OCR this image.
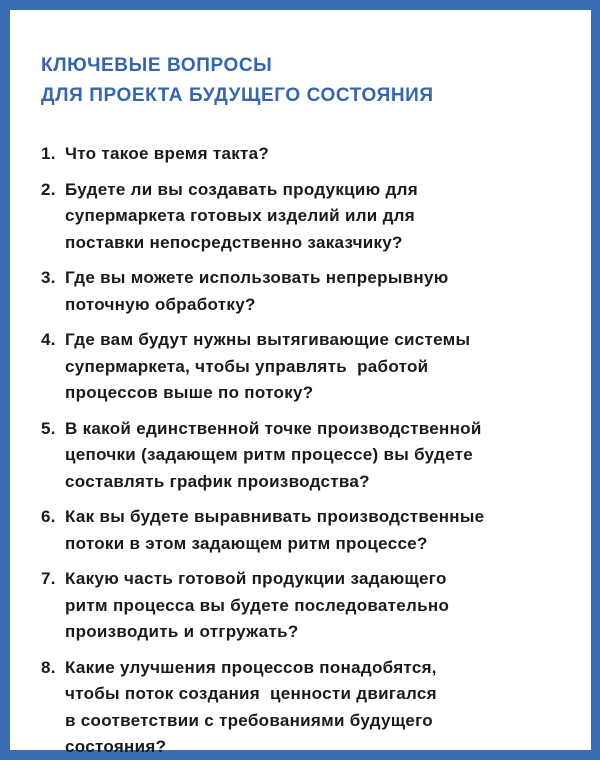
КЛЮЧЕВЫЕ ВОПРОСЫ
ДЛЯ ПРОЕКТА БУДУЩЕГО СОСТОЯНИЯ
1. Что такое время такта?
2. Будете ли вы создавать продукцию для
супермаркета готовых изделий или для
поставки непосредственно заказчику?
3. Где вы можете использовать непрерывную
поточную обработку?
4. Где вам будут нужны вытягивающие системы
супермаркета, чтобы управлять  работой
процессов выше по потоку?
5. В какой единственной точке производственной
цепочки (задающем ритм процессе) вы будете
составлять график производства?
6. Как вы будете выравнивать производственные
потоки в этом задающем ритм процессе?
7. Какую часть готовой продукции задающего
ритм процесса вы будете последовательно
производить и отгружать?
8. Какие улучшения процессов понадобятся,
чтобы поток создания  ценности двигался
в соответствии с требованиями будущего
состояния?
